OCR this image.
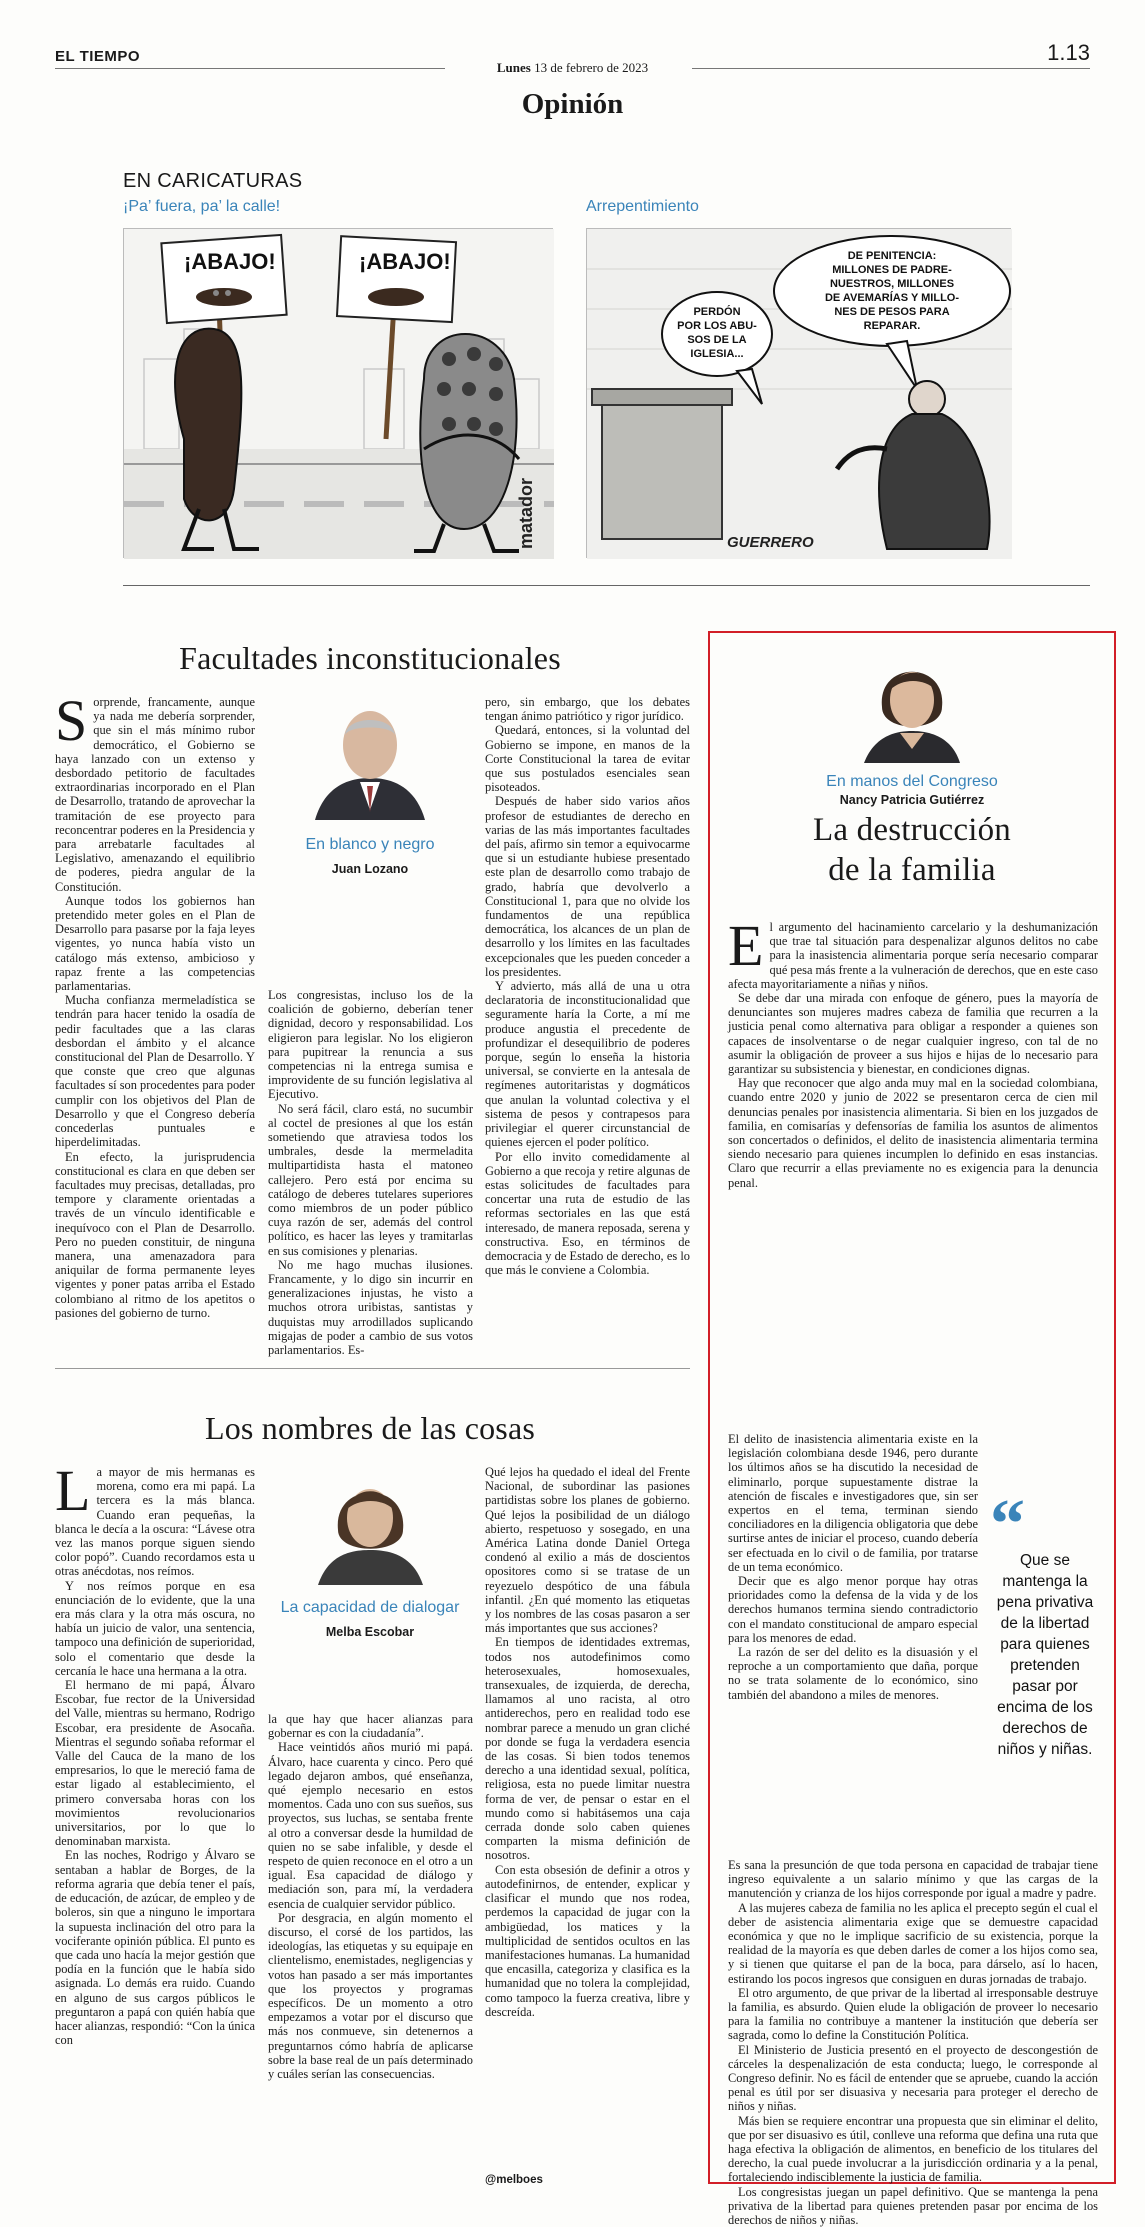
EL TIEMPO
Lunes 13 de febrero de 2023
1.13
Opinión
EN CARICATURAS
¡Pa’ fuera, pa’ la calle!	Arrepentimiento
¡ABAJO!	¡ABAJO!
matador
DE PENITENCIA:
MILLONES DE PADRE-
NUESTROS, MILLONES
DE AVEMARÍAS Y MILLO-
NES DE PESOS PARA
REPARAR.
PERDÓN
POR LOS ABU-
SOS DE LA
IGLESIA...
GUERRERO
Facultades inconstitucionales

Sorprende, francamente, aunque ya nada me debería sorprender, que sin el más mínimo rubor democrático, el Gobierno se haya lanzado con un extenso y desbordado petitorio de facultades extraordinarias incorporado en el Plan de Desarrollo, tratando de aprovechar la tramitación de ese proyecto para reconcentrar poderes en la Presidencia y para arrebatarle facultades al Legislativo, amenazando el equilibrio de poderes, piedra angular de la Constitución.

Aunque todos los gobiernos han pretendido meter goles en el Plan de Desarrollo para pasarse por la faja leyes vigentes, yo nunca había visto un catálogo más extenso, ambicioso y rapaz frente a las competencias parlamentarias.

Mucha confianza mermeladística se tendrán para hacer tenido la osadía de pedir facultades que a las claras desbordan el ámbito y el alcance constitucional del Plan de Desarrollo. Y que conste que creo que algunas facultades sí son procedentes para poder cumplir con los objetivos del Plan de Desarrollo y que el Congreso debería concederlas puntuales e hiperdelimitadas.

En efecto, la jurisprudencia constitucional es clara en que deben ser facultades muy precisas, detalladas, pro tempore y claramente orientadas a través de un vínculo identificable e inequívoco con el Plan de Desarrollo. Pero no pueden constituir, de ninguna manera, una amenazadora para aniquilar de forma permanente leyes vigentes y poner patas arriba el Estado colombiano al ritmo de los apetitos o pasiones del gobierno de turno.

En blanco y negro
Juan Lozano

Los congresistas, incluso los de la coalición de gobierno, deberían tener dignidad, decoro y responsabilidad. Los eligieron para legislar. No los eligieron para pupitrear la renuncia a sus competencias ni la entrega sumisa e improvidente de su función legislativa al Ejecutivo.

No será fácil, claro está, no sucumbir al coctel de presiones al que los están sometiendo que atraviesa todos los umbrales, desde la mermeladita multipartidista hasta el matoneo callejero. Pero está por encima su catálogo de deberes tutelares superiores como miembros de un poder público cuya razón de ser, además del control político, es hacer las leyes y tramitarlas en sus comisiones y plenarias.

No me hago muchas ilusiones. Francamente, y lo digo sin incurrir en generalizaciones injustas, he visto a muchos otrora uribistas, santistas y duquistas muy arrodillados suplicando migajas de poder a cambio de sus votos parlamentarios. Es-

pero, sin embargo, que los debates tengan ánimo patriótico y rigor jurídico.

Quedará, entonces, si la voluntad del Gobierno se impone, en manos de la Corte Constitucional la tarea de evitar que sus postulados esenciales sean pisoteados.

Después de haber sido varios años profesor de estudiantes de derecho en varias de las más importantes facultades del país, afirmo sin temor a equivocarme que si un estudiante hubiese presentado este plan de desarrollo como trabajo de grado, habría que devolverlo a Constitucional 1, para que no olvide los fundamentos de una república democrática, los alcances de un plan de desarrollo y los límites en las facultades excepcionales que les pueden conceder a los presidentes.

Y advierto, más allá de una u otra declaratoria de inconstitucionalidad que seguramente haría la Corte, a mí me produce angustia el precedente de profundizar el desequilibrio de poderes porque, según lo enseña la historia universal, se convierte en la antesala de regímenes autoritaristas y dogmáticos que anulan la voluntad colectiva y el sistema de pesos y contrapesos para privilegiar el querer circunstancial de quienes ejercen el poder político.

Por ello invito comedidamente al Gobierno a que recoja y retire algunas de estas solicitudes de facultades para concertar una ruta de estudio de las reformas sectoriales en las que está interesado, de manera reposada, serena y constructiva. Eso, en términos de democracia y de Estado de derecho, es lo que más le conviene a Colombia.

Los nombres de las cosas

La mayor de mis hermanas es morena, como era mi papá. La tercera es la más blanca. Cuando eran pequeñas, la blanca le decía a la oscura: “Lávese otra vez las manos porque siguen siendo color popó”. Cuando recordamos esta u otras anécdotas, nos reímos.

Y nos reímos porque en esa enunciación de lo evidente, que la una era más clara y la otra más oscura, no había un juicio de valor, una sentencia, tampoco una definición de superioridad, solo el comentario que desde la cercanía le hace una hermana a la otra.

El hermano de mi papá, Álvaro Escobar, fue rector de la Universidad del Valle, mientras su hermano, Rodrigo Escobar, era presidente de Asocaña. Mientras el segundo soñaba reformar el Valle del Cauca de la mano de los empresarios, lo que le mereció fama de estar ligado al establecimiento, el primero conversaba horas con los movimientos revolucionarios universitarios, por lo que lo denominaban marxista.

En las noches, Rodrigo y Álvaro se sentaban a hablar de Borges, de la reforma agraria que debía tener el país, de educación, de azúcar, de empleo y de boleros, sin que a ninguno le importara la supuesta inclinación del otro para la vociferante opinión pública. El punto es que cada uno hacía la mejor gestión que podía en la función que le había sido asignada. Lo demás era ruido. Cuando en alguno de sus cargos públicos le preguntaron a papá con quién había que hacer alianzas, respondió: “Con la única con

La capacidad de dialogar
Melba Escobar

la que hay que hacer alianzas para gobernar es con la ciudadanía”.

Hace veintidós años murió mi papá. Álvaro, hace cuarenta y cinco. Pero qué legado dejaron ambos, qué enseñanza, qué ejemplo necesario en estos momentos. Cada uno con sus sueños, sus proyectos, sus luchas, se sentaba frente al otro a conversar desde la humildad de quien no se sabe infalible, y desde el respeto de quien reconoce en el otro a un igual. Esa capacidad de diálogo y mediación son, para mí, la verdadera esencia de cualquier servidor público.

Por desgracia, en algún momento el discurso, el corsé de los partidos, las ideologías, las etiquetas y su equipaje en clientelismo, enemistades, negligencias y votos han pasado a ser más importantes que los proyectos y programas específicos. De un momento a otro empezamos a votar por el discurso que más nos conmueve, sin detenernos a preguntarnos cómo habría de aplicarse sobre la base real de un país determinado y cuáles serían las consecuencias.

Qué lejos ha quedado el ideal del Frente Nacional, de subordinar las pasiones partidistas sobre los planes de gobierno. Qué lejos la posibilidad de un diálogo abierto, respetuoso y sosegado, en una América Latina donde Daniel Ortega condenó al exilio a más de doscientos opositores como si se tratase de un reyezuelo despótico de una fábula infantil. ¿En qué momento las etiquetas y los nombres de las cosas pasaron a ser más importantes que sus acciones?

En tiempos de identidades extremas, todos nos autodefinimos como heterosexuales, homosexuales, transexuales, de izquierda, de derecha, llamamos al uno racista, al otro antiderechos, pero en realidad todo ese nombrar parece a menudo un gran cliché por donde se fuga la verdadera esencia de las cosas. Si bien todos tenemos derecho a una identidad sexual, política, religiosa, esta no puede limitar nuestra forma de ver, de pensar o estar en el mundo como si habitásemos una caja cerrada donde solo caben quienes comparten la misma definición de nosotros.

Con esta obsesión de definir a otros y autodefinirnos, de entender, explicar y clasificar el mundo que nos rodea, perdemos la capacidad de jugar con la ambigüedad, los matices y la multiplicidad de sentidos ocultos en las manifestaciones humanas. La humanidad que encasilla, categoriza y clasifica es la humanidad que no tolera la complejidad, como tampoco la fuerza creativa, libre y descreída.

@melboes
En manos del Congreso
Nancy Patricia Gutiérrez
La destrucción
de la familia

El argumento del hacinamiento carcelario y la deshumanización que trae tal situación para despenalizar algunos delitos no cabe para la inasistencia alimentaria porque sería necesario comparar qué pesa más frente a la vulneración de derechos, que en este caso afecta mayoritariamente a niñas y niños.

Se debe dar una mirada con enfoque de género, pues la mayoría de denunciantes son mujeres madres cabeza de familia que recurren a la justicia penal como alternativa para obligar a responder a quienes son capaces de insolventarse o de negar cualquier ingreso, con tal de no asumir la obligación de proveer a sus hijos e hijas de lo necesario para garantizar su subsistencia y bienestar, en condiciones dignas.

Hay que reconocer que algo anda muy mal en la sociedad colombiana, cuando entre 2020 y junio de 2022 se presentaron cerca de cien mil denuncias penales por inasistencia alimentaria. Si bien en los juzgados de familia, en comisarías y defensorías de familia los asuntos de alimentos son concertados o definidos, el delito de inasistencia alimentaria termina siendo necesario para quienes incumplen lo definido en esas instancias. Claro que recurrir a ellas previamente no es exigencia para la denuncia penal.

El delito de inasistencia alimentaria existe en la legislación colombiana desde 1946, pero durante los últimos años se ha discutido la necesidad de eliminarlo, porque supuestamente distrae la atención de fiscales e investigadores que, sin ser expertos en el tema, terminan siendo conciliadores en la diligencia obligatoria que debe surtirse antes de iniciar el proceso, cuando debería ser efectuada en lo civil o de familia, por tratarse de un tema económico.

Decir que es algo menor porque hay otras prioridades como la defensa de la vida y de los derechos humanos termina siendo contradictorio con el mandato constitucional de amparo especial para los menores de edad.

La razón de ser del delito es la disuasión y el reproche a un comportamiento que daña, porque no se trata solamente de lo económico, sino también del abandono a miles de menores.

“
Que se mantenga la pena privativa de la libertad para quienes pretenden pasar por encima de los derechos de niños y niñas.

Es sana la presunción de que toda persona en capacidad de trabajar tiene ingreso equivalente a un salario mínimo y que las cargas de la manutención y crianza de los hijos corresponde por igual a madre y padre.

A las mujeres cabeza de familia no les aplica el precepto según el cual el deber de asistencia alimentaria exige que se demuestre capacidad económica y que no le implique sacrificio de su existencia, porque la realidad de la mayoría es que deben darles de comer a los hijos como sea, y si tienen que quitarse el pan de la boca, para dárselo, así lo hacen, estirando los pocos ingresos que consiguen en duras jornadas de trabajo.

El otro argumento, de que privar de la libertad al irresponsable destruye la familia, es absurdo. Quien elude la obligación de proveer lo necesario para la familia no contribuye a mantener la institución que debería ser sagrada, como lo define la Constitución Política.

El Ministerio de Justicia presentó en el proyecto de descongestión de cárceles la despenalización de esta conducta; luego, le corresponde al Congreso definir. No es fácil de entender que se apruebe, cuando la acción penal es útil por ser disuasiva y necesaria para proteger el derecho de niños y niñas.

Más bien se requiere encontrar una propuesta que sin eliminar el delito, que por ser disuasivo es útil, conlleve una reforma que defina una ruta que haga efectiva la obligación de alimentos, en beneficio de los titulares del derecho, la cual puede involucrar a la jurisdicción ordinaria y a la penal, fortaleciendo indisciblemente la justicia de familia.

Los congresistas juegan un papel definitivo. Que se mantenga la pena privativa de la libertad para quienes pretenden pasar por encima de los derechos de niños y niñas.
